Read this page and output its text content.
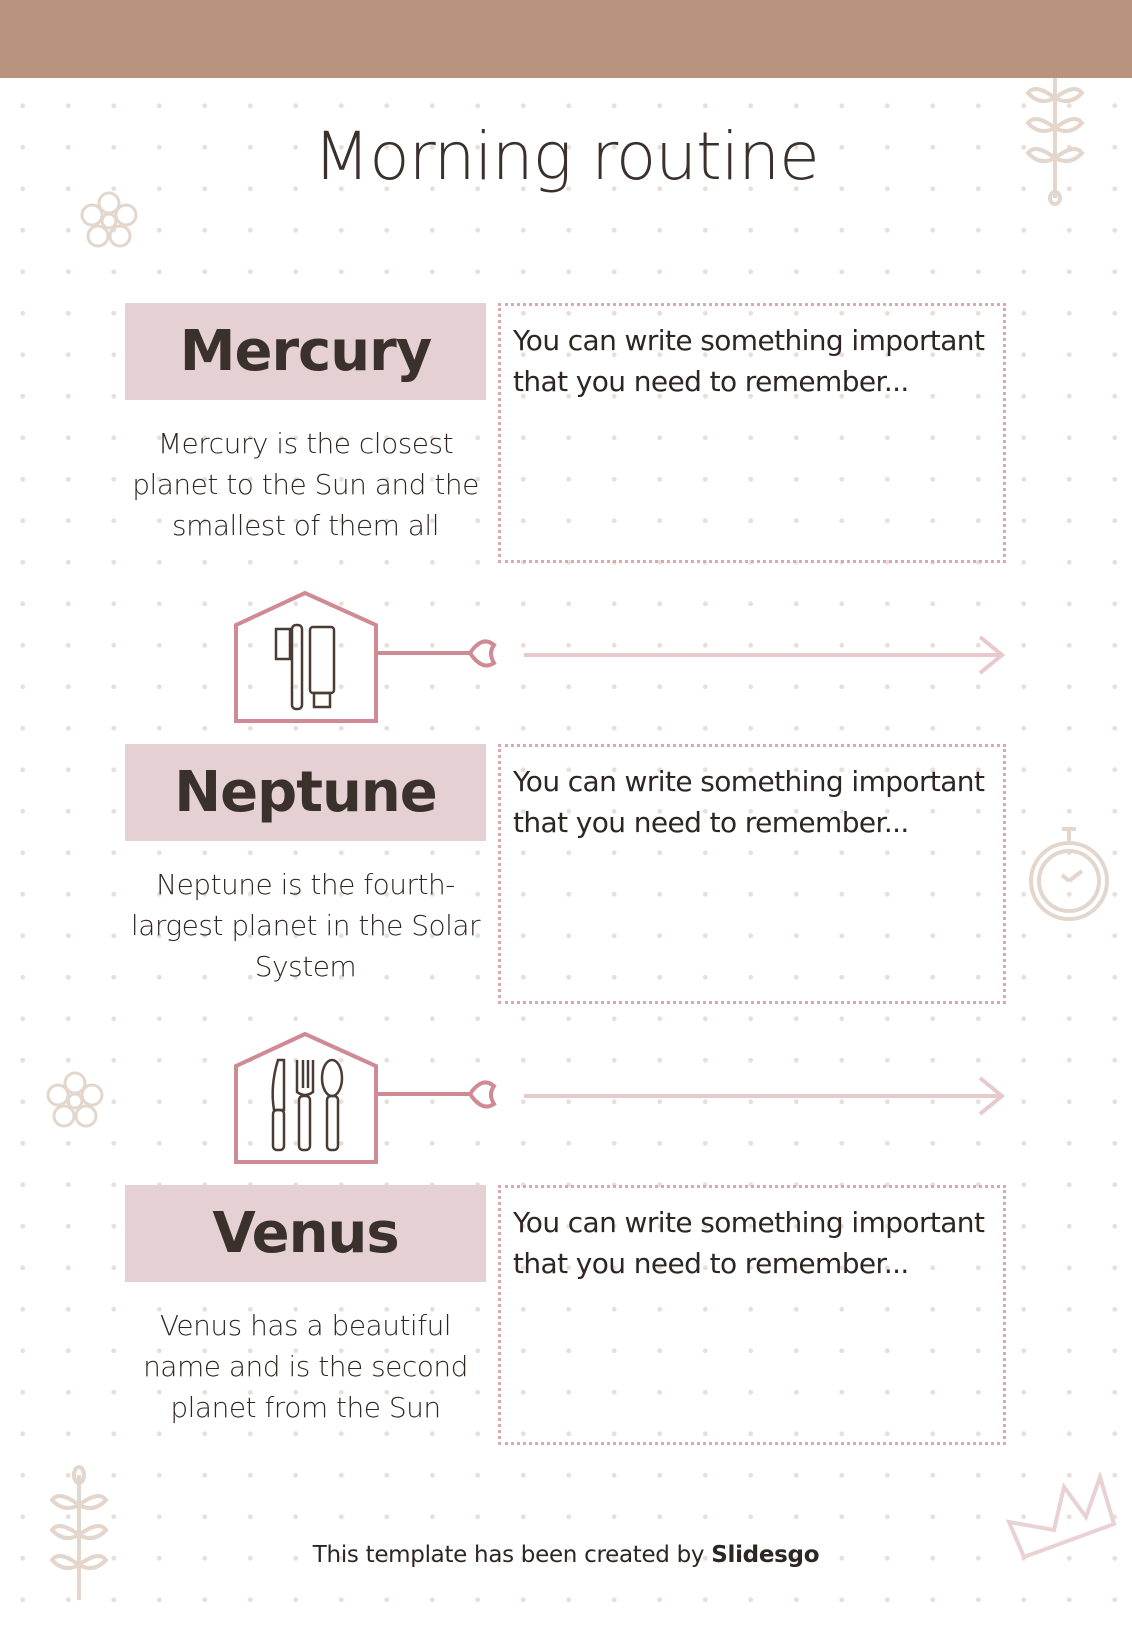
Morning routine
Mercury
Mercury is the closest planet to the Sun and the smallest of them all
You can write something important that you need to remember...
Neptune
Neptune is the fourth-largest planet in the Solar System
You can write something important that you need to remember...
Venus
Venus has a beautiful name and is the second planet from the Sun
You can write something important that you need to remember...
This template has been created by Slidesgo
